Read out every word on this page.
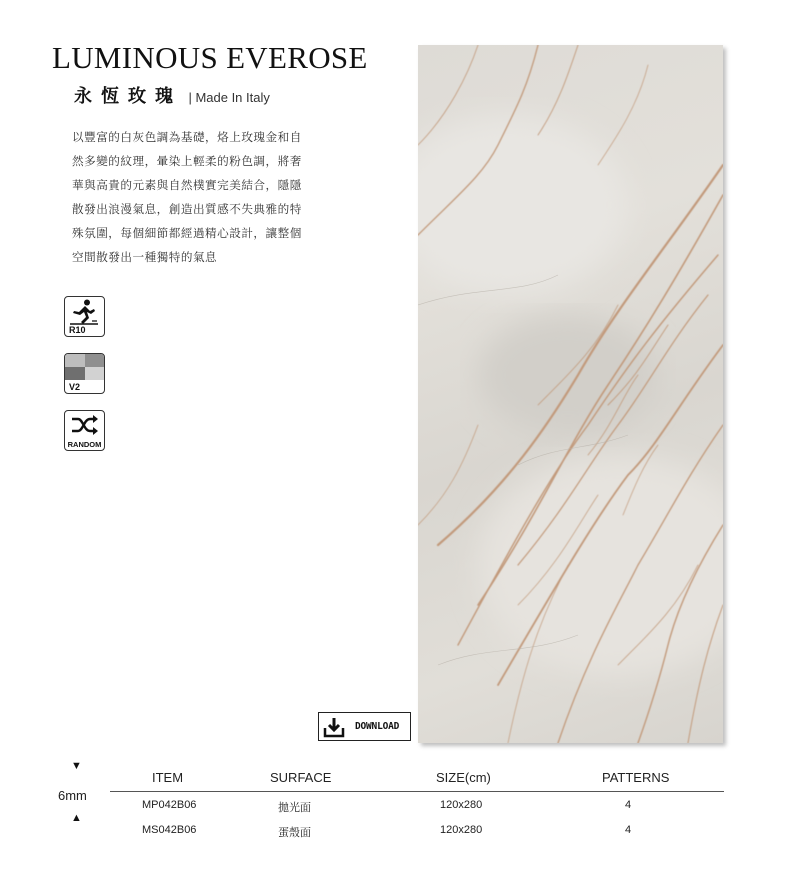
LUMINOUS EVEROSE
永恆玫瑰 | Made In Italy
以豐富的白灰色調為基礎，烙上玫瑰金和自
然多變的紋理，暈染上輕柔的粉色調，將奢
華與高貴的元素與自然樸實完美結合，隱隱
散發出浪漫氣息，創造出質感不失典雅的特
殊氛圍，每個細節都經過精心設計，讓整個
空間散發出一種獨特的氣息
R10
V2
RANDOM
DOWNLOAD
▼
6mm
▲
ITEM	SURFACE	SIZE(cm)	PATTERNS
MP042B06	拋光面	120x280	4
MS042B06	蛋殼面	120x280	4
